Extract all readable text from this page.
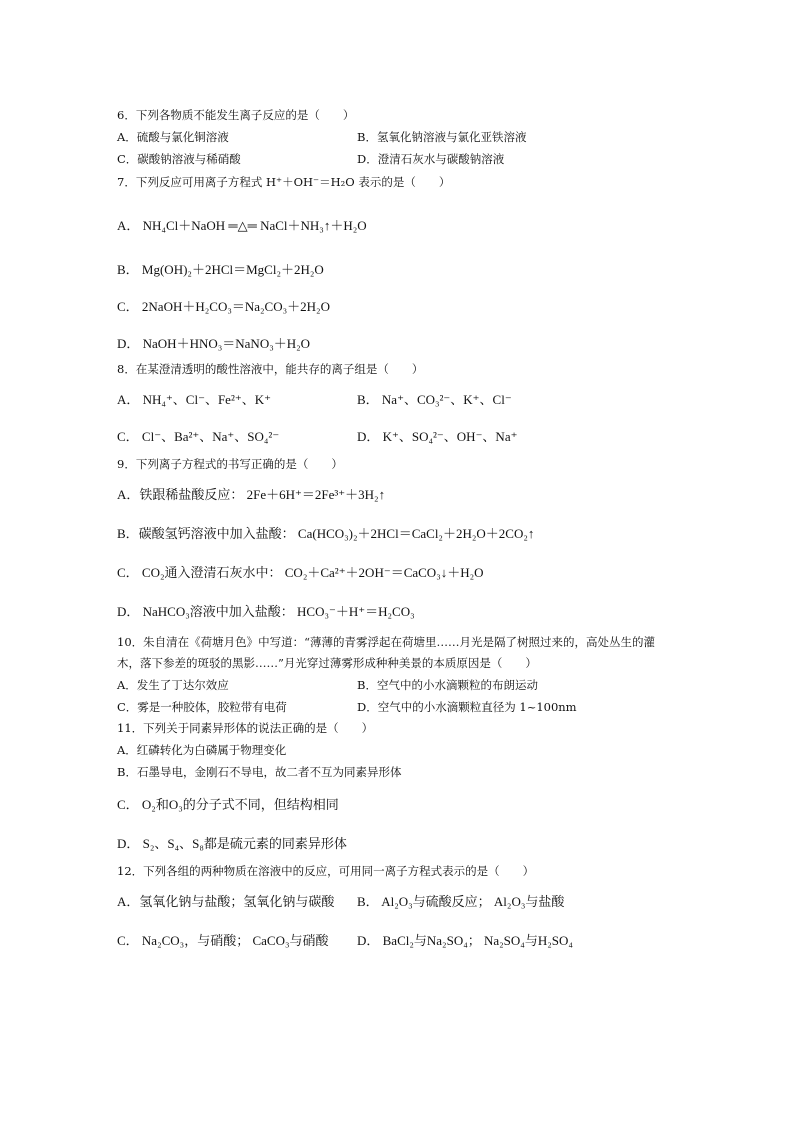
6．下列各物质不能发生离子反应的是（　　）
A．硫酸与氯化铜溶液	B．氢氧化钠溶液与氯化亚铁溶液
C．碳酸钠溶液与稀硝酸	D．澄清石灰水与碳酸钠溶液
7．下列反应可用离子方程式 H⁺＋OH⁻＝H₂O 表示的是（　　）
A． NH₄Cl＋NaOH ═△═ NaCl＋NH₃↑＋H₂O
B． Mg(OH)₂＋2HCl＝MgCl₂＋2H₂O
C． 2NaOH＋H₂CO₃＝Na₂CO₃＋2H₂O
D． NaOH＋HNO₃＝NaNO₃＋H₂O
8．在某澄清透明的酸性溶液中，能共存的离子组是（　　）
A． NH₄⁺、Cl⁻、Fe²⁺、K⁺	B． Na⁺、CO₃²⁻、K⁺、Cl⁻
C． Cl⁻、Ba²⁺、Na⁺、SO₄²⁻	D． K⁺、SO₄²⁻、OH⁻、Na⁺
9．下列离子方程式的书写正确的是（　　）
A．铁跟稀盐酸反应： 2Fe＋6H⁺＝2Fe³⁺＋3H₂↑
B．碳酸氢钙溶液中加入盐酸： Ca(HCO₃)₂＋2HCl＝CaCl₂＋2H₂O＋2CO₂↑
C． CO₂通入澄清石灰水中： CO₂＋Ca²⁺＋2OH⁻＝CaCO₃↓＋H₂O
D． NaHCO₃溶液中加入盐酸： HCO₃⁻＋H⁺＝H₂CO₃
10．朱自清在《荷塘月色》中写道：“薄薄的青雾浮起在荷塘里……月光是隔了树照过来的，高处丛生的灌木，落下参差的斑驳的黑影……”月光穿过薄雾形成种种美景的本质原因是（　　）
A．发生了丁达尔效应	B．空气中的小水滴颗粒的布朗运动
C．雾是一种胶体，胶粒带有电荷	D．空气中的小水滴颗粒直径为 1~100nm
11．下列关于同素异形体的说法正确的是（　　）
A．红磷转化为白磷属于物理变化
B．石墨导电，金刚石不导电，故二者不互为同素异形体
C． O₂和O₃的分子式不同，但结构相同
D． S₂、S₄、S₈都是硫元素的同素异形体
12．下列各组的两种物质在溶液中的反应，可用同一离子方程式表示的是（　　）
A．氢氧化钠与盐酸；氢氧化钠与碳酸	B． Al₂O₃与硫酸反应； Al₂O₃与盐酸
C． Na₂CO₃，与硝酸； CaCO₃与硝酸	D． BaCl₂与Na₂SO₄； Na₂SO₄与H₂SO₄
